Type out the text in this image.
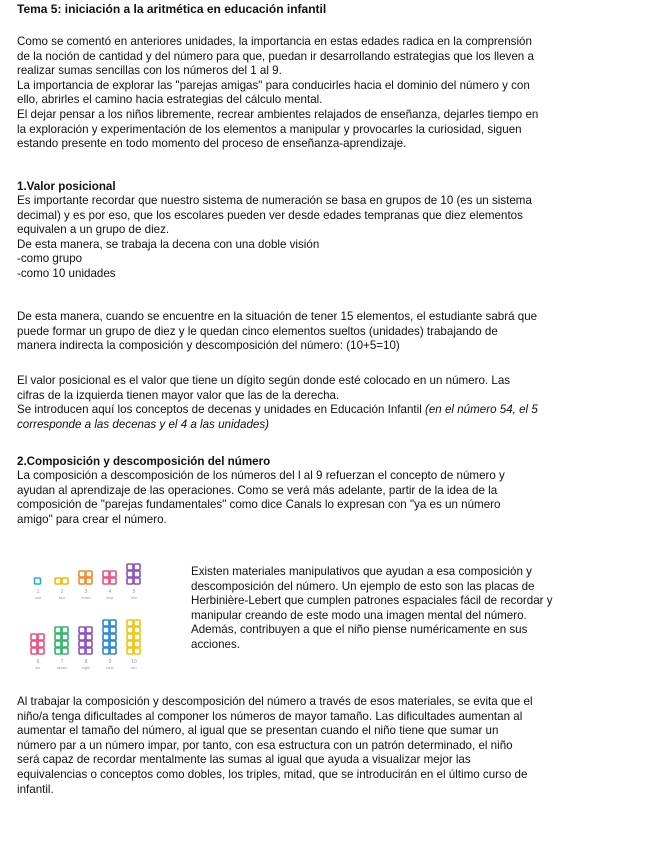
Tema 5: iniciación a la aritmética en educación infantil
Como se comentó en anteriores unidades, la importancia en estas edades radica en la comprensión
de la noción de cantidad y del número para que, puedan ir desarrollando estrategias que los lleven a
realizar sumas sencillas con los números del 1 al 9.
La importancia de explorar las "parejas amigas" para conducirles hacia el dominio del número y con
ello, abrirles el camino hacia estrategias del cálculo mental.
El dejar pensar a los niños libremente, recrear ambientes relajados de enseñanza, dejarles tiempo en
la exploración y experimentación de los elementos a manipular y provocarles la curiosidad, siguen
estando presente en todo momento del proceso de enseñanza-aprendizaje.
1.Valor posicional
Es importante recordar que nuestro sistema de numeración se basa en grupos de 10 (es un sistema
decimal) y es por eso, que los escolares pueden ver desde edades tempranas que diez elementos
equivalen a un grupo de diez.
De esta manera, se trabaja la decena con una doble visión
-como grupo
-como 10 unidades
De esta manera, cuando se encuentre en la situación de tener 15 elementos, el estudiante sabrá que
puede formar un grupo de diez y le quedan cinco elementos sueltos (unidades) trabajando de
manera indirecta la composición y descomposición del número: (10+5=10)
El valor posicional es el valor que tiene un dígito según donde esté colocado en un número. Las
cifras de la izquierda tienen mayor valor que las de la derecha.
Se introducen aquí los conceptos de decenas y unidades en Educación Infantil (en el número 54, el 5
corresponde a las decenas y el 4 a las unidades)
2.Composición y descomposición del número
La composición a descomposición de los números del l al 9 refuerzan el concepto de número y
ayudan al aprendizaje de las operaciones. Como se verá más adelante, partir de la idea de la
composición de "parejas fundamentales" como dice Canals lo expresan con "ya es un número
amigo" para crear el número.
Al trabajar la composición y descomposición del número a través de esos materiales, se evita que el
niño/a tenga dificultades al componer los números de mayor tamaño. Las dificultades aumentan al
aumentar el tamaño del número, al igual que se presentan cuando el niño tiene que sumar un
número par a un número impar, por tanto, con esa estructura con un patrón determinado, el niño
será capaz de recordar mentalmente las sumas al igual que ayuda a visualizar mejor las
equivalencias o conceptos como dobles, los triples, mitad, que se introducirán en el último curso de
infantil.
1
one
2
two
3
three
4
four
5
five
6
six
7
seven
8
eight
9
nine
10
ten
Existen materiales manipulativos que ayudan a esa composición y
descomposición del número. Un ejemplo de esto son las placas de
Herbinière-Lebert que cumplen patrones espaciales fácil de recordar y
manipular creando de este modo una imagen mental del número.
Además, contribuyen a que el niño piense numéricamente en sus
acciones.
